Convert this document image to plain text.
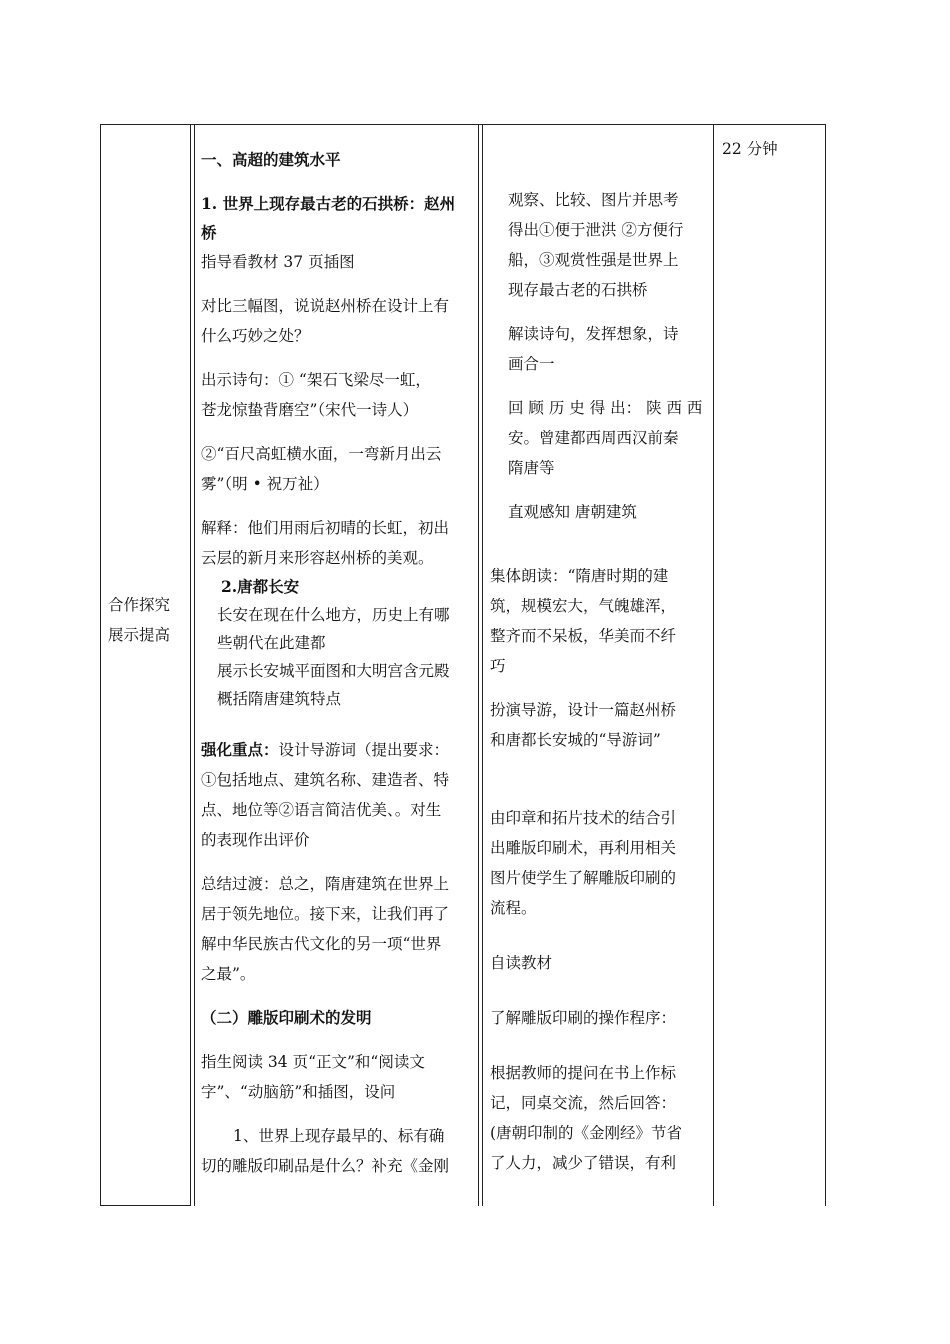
合作探究

展示提高

一、高超的建筑水平

1. 世界上现存最古老的石拱桥：赵州

桥

指导看教材 37 页插图

对比三幅图，说说赵州桥在设计上有

什么巧妙之处？

出示诗句：① “架石飞梁尽一虹，

苍龙惊蛰背磨空”（宋代一诗人）

②“百尺高虹横水面，一弯新月出云

雾”（明 • 祝万祉）

解释：他们用雨后初晴的长虹，初出

云层的新月来形容赵州桥的美观。

2.唐都长安

长安在现在什么地方，历史上有哪

些朝代在此建都

展示长安城平面图和大明宫含元殿

概括隋唐建筑特点

强化重点：设计导游词（提出要求：

①包括地点、建筑名称、建造者、特

点、地位等②语言简洁优美、。对生

的表现作出评价

总结过渡：总之，隋唐建筑在世界上

居于领先地位。接下来，让我们再了

解中华民族古代文化的另一项“世界

之最”。

（二）雕版印刷术的发明

指生阅读 34 页“正文”和“阅读文

字”、“动脑筋”和插图，设问

1、世界上现存最早的、标有确

切的雕版印刷品是什么？补充《金刚

观察、比较、图片并思考

得出①便于泄洪 ②方便行

船，③观赏性强是世界上

现存最古老的石拱桥

解读诗句，发挥想象，诗

画合一

回 顾 历 史 得 出： 陕 西 西

安。曾建都西周西汉前秦

隋唐等

直观感知 唐朝建筑

集体朗读：“隋唐时期的建

筑，规模宏大，气魄雄浑，

整齐而不呆板，华美而不纤

巧

扮演导游，设计一篇赵州桥

和唐都长安城的“导游词”

由印章和拓片技术的结合引

出雕版印刷术，再利用相关

图片使学生了解雕版印刷的

流程。

自读教材

了解雕版印刷的操作程序：

根据教师的提问在书上作标

记，同桌交流，然后回答：

(唐朝印制的《金刚经》节省

了人力，减少了错误，有利

22 分钟
